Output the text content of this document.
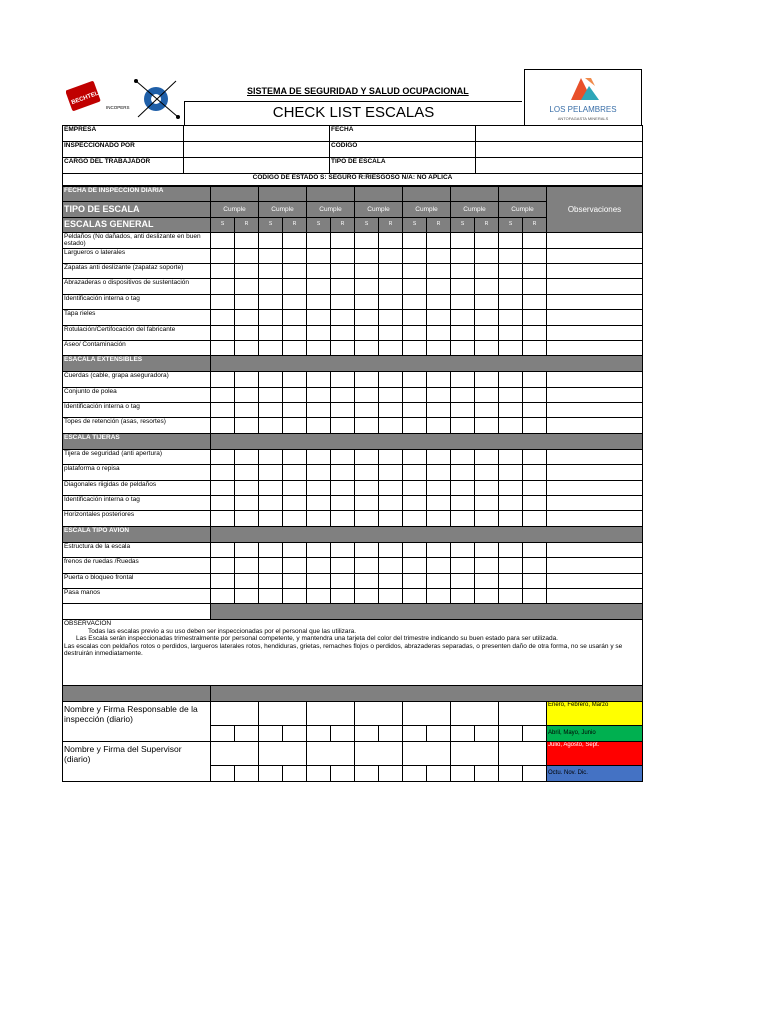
BECHTEL
INCOPERS
SISTEMA DE SEGURIDAD Y SALUD OCUPACIONAL
CHECK LIST ESCALAS	LOS PELAMBRES
ANTOFAGASTA MINERALS
EMPRESA		FECHA	
INSPECCIONADO POR		CÓDIGO	
CARGO DEL TRABAJADOR		TIPO DE ESCALA	
CODIGO DE ESTADO S: SEGURO R:RIESGOSO N/A: NO APLICA			
FECHA DE INSPECCION DIARIA															Observaciones
TIPO DE ESCALA	Cumple		Cumple		Cumple		Cumple		Cumple		Cumple		Cumple		
ESCALAS GENERAL	S	R	S	R	S	R	S	R	S	R	S	R	S	R	
Peldaños (No dañados, anti deslizante en buen estado)															
Largueros o laterales															
Zapatas anti deslizante (zapataz soporte)															
Abrazaderas o dispositivos de sustentación															
Identificación interna o tag															
Tapa rieles															
Rotulación/Certifocación del fabricante															
Aseo/ Contaminación															
ESACALA EXTENSIBLES															
Cuerdas (cable, grapa aseguradora)															
Conjunto de polea															
Identificación interna o tag															
Topes de retención (asas, resortes)															
ESCALA TIJERAS															
Tijera de seguridad (anti apertura)															
plataforma o repisa															
Diagonales riigidas de peldaños															
Identificación interna o tag															
Horizontales posteriores															
ESCALA TIPO AVIÓN															
Estructura de la escala															
frenos de ruedas /Ruedas															
Puerta o bloqueo frontal															
Pasa manos															

OBSERVACIÓN
Todas las escalas previo a su uso deben ser inspeccionadas por el personal que las utilizara.
Las Escala serán inspeccionadas trimestralmente por personal competente, y mantendra una tarjeta del color del trimestre indicando su buen estado para ser utilizada.
Las escalas con peldaños rotos o perdidos, largueros laterales rotos, hendiduras, grietas, remaches flojos o perdidos, abrazaderas separadas, o presenten daño de otra forma, no se usarán y se destruirán inmediatamente.															

Nombre y Firma Responsable de la inspección (diario)															Enero, Febrero, Marzo
															Abril, Mayo, Junio
Nombre y Firma del Supervisor (diario)															Julio, Agosto, Sept.
															Octu. Nov. Dic.
